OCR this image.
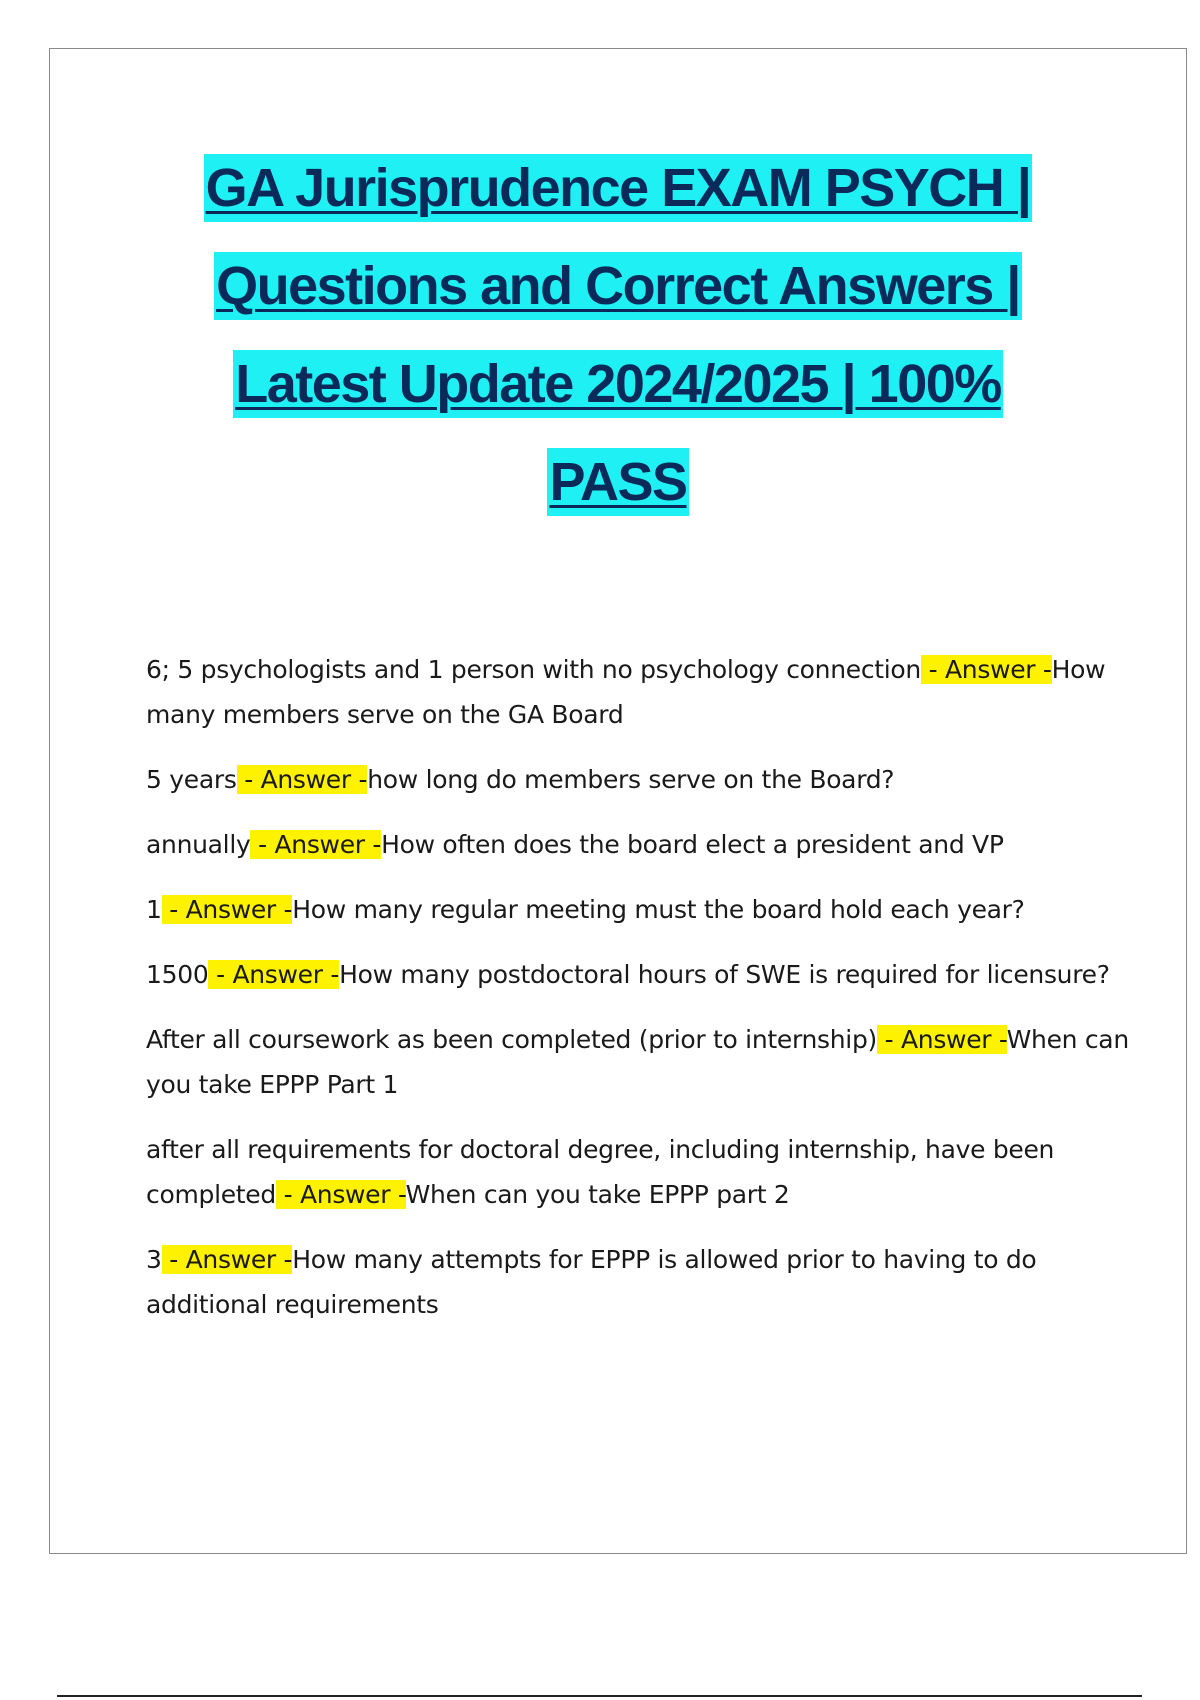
GA Jurisprudence EXAM PSYCH |
Questions and Correct Answers |
Latest Update 2024/2025 | 100%
PASS

6; 5 psychologists and 1 person with no psychology connection - Answer -How many members serve on the GA Board

5 years - Answer -how long do members serve on the Board?

annually - Answer -How often does the board elect a president and VP

1 - Answer -How many regular meeting must the board hold each year?

1500 - Answer -How many postdoctoral hours of SWE is required for licensure?

After all coursework as been completed (prior to internship) - Answer -When can you take EPPP Part 1

after all requirements for doctoral degree, including internship, have been completed - Answer -When can you take EPPP part 2

3 - Answer -How many attempts for EPPP is allowed prior to having to do additional requirements
